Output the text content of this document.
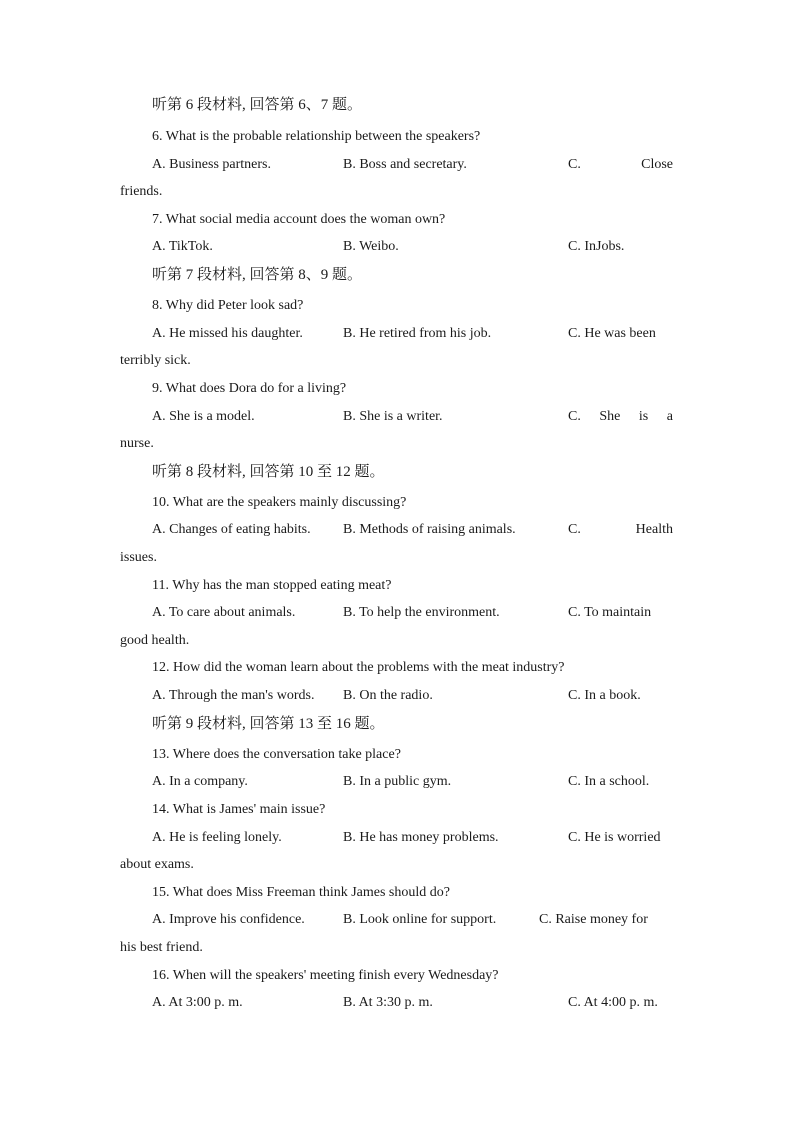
听第 6 段材料, 回答第 6、7 题。
6. What is the probable relationship between the speakers?
A. Business partners.	B. Boss and secretary.	C.	Close
friends.
7. What social media account does the woman own?
A. TikTok.	B. Weibo.	C. InJobs.
听第 7 段材料, 回答第 8、9 题。
8. Why did Peter look sad?
A. He missed his daughter.	B. He retired from his job.	C. He was been
terribly sick.
9. What does Dora do for a living?
A. She is a model.	B. She is a writer.	C. She is a
nurse.
听第 8 段材料, 回答第 10 至 12 题。
10. What are the speakers mainly discussing?
A. Changes of eating habits. B. Methods of raising animals.	C.	Health
issues.
11. Why has the man stopped eating meat?
A. To care about animals.	B. To help the environment.	C. To maintain
good health.
12. How did the woman learn about the problems with the meat industry?
A. Through the man's words. B. On the radio.	C. In a book.
听第 9 段材料, 回答第 13 至 16 题。
13. Where does the conversation take place?
A. In a company.	B. In a public gym.	C. In a school.
14. What is James' main issue?
A. He is feeling lonely.	B. He has money problems.	C. He is worried
about exams.
15. What does Miss Freeman think James should do?
A. Improve his confidence.	B. Look online for support.	C. Raise money for
his best friend.
16. When will the speakers' meeting finish every Wednesday?
A. At 3:00 p. m.	B. At 3:30 p. m.	C. At 4:00 p. m.
